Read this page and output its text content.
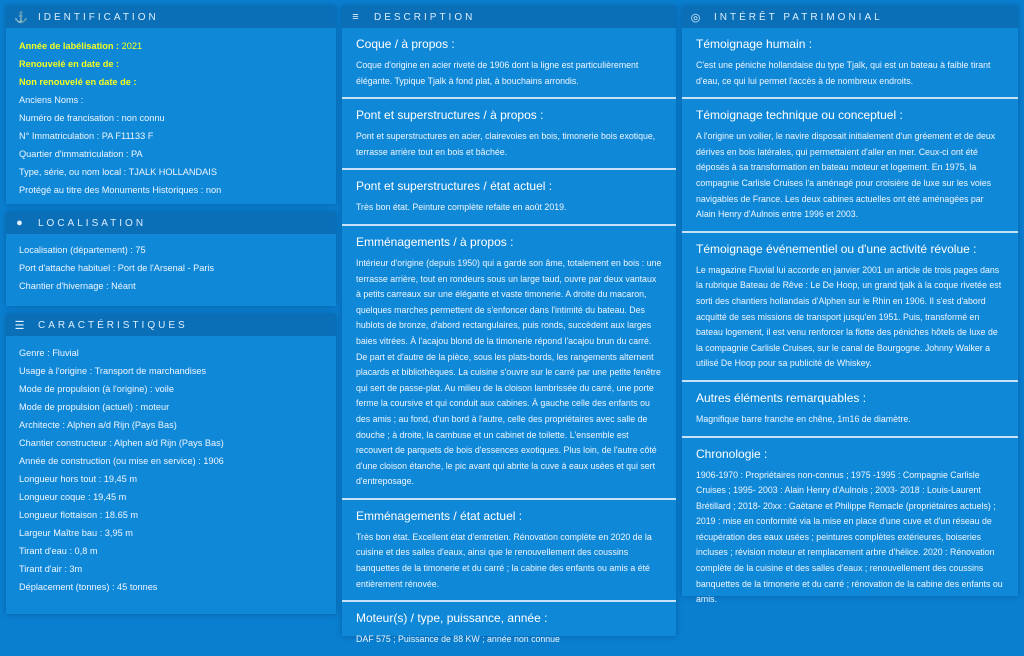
⚓ IDENTIFICATION
Année de labélisation : 2021
Renouvelé en date de :
Non renouvelé en date de :
Anciens Noms :
Numéro de francisation : non connu
N° Immatriculation : PA F11133 F
Quartier d'immatriculation : PA
Type, série, ou nom local : TJALK HOLLANDAIS
Protégé au titre des Monuments Historiques : non
● LOCALISATION
Localisation (département) : 75
Port d'attache habituel : Port de l'Arsenal - Paris
Chantier d'hivernage : Néant
☰ CARACTÉRISTIQUES
Genre : Fluvial
Usage à l'origine : Transport de marchandises
Mode de propulsion (à l'origine) : voile
Mode de propulsion (actuel) : moteur
Architecte : Alphen a/d Rijn (Pays Bas)
Chantier constructeur : Alphen a/d Rijn (Pays Bas)
Année de construction (ou mise en service) : 1906
Longueur hors tout : 19,45 m
Longueur coque : 19,45 m
Longueur flottaison : 18.65 m
Largeur Maître bau : 3,95 m
Tirant d'eau : 0,8 m
Tirant d'air : 3m
Déplacement (tonnes) : 45 tonnes
≡ DESCRIPTION
Coque / à propos :

Coque d'origine en acier riveté de 1906 dont la ligne est particulièrement élégante. Typique Tjalk à fond plat, à bouchains arrondis.

Pont et superstructures / à propos :

Pont et superstructures en acier, clairevoies en bois, timonerie bois exotique, terrasse arrière tout en bois et bâchée.

Pont et superstructures / état actuel :

Très bon état. Peinture complète refaite en août 2019.

Emménagements / à propos :

Intérieur d'origine (depuis 1950) qui a gardé son âme, totalement en bois : une terrasse arrière, tout en rondeurs sous un large taud, ouvre par deux vantaux à petits carreaux sur une élégante et vaste timonerie. A droite du macaron, quelques marches permettent de s'enfoncer dans l'intimité du bateau. Des hublots de bronze, d'abord rectangulaires, puis ronds, succèdent aux larges baies vitrées. À l'acajou blond de la timonerie répond l'acajou brun du carré. De part et d'autre de la pièce, sous les plats-bords, les rangements alternent placards et bibliothèques. La cuisine s'ouvre sur le carré par une petite fenêtre qui sert de passe-plat. Au milieu de la cloison lambrissée du carré, une porte ferme la coursive et qui conduit aux cabines. À gauche celle des enfants ou des amis ; au fond, d'un bord à l'autre, celle des propriétaires avec salle de douche ; à droite, la cambuse et un cabinet de toilette. L'ensemble est recouvert de parquets de bois d'essences exotiques. Plus loin, de l'autre côté d'une cloison étanche, le pic avant qui abrite la cuve à eaux usées et qui sert d'entreposage.

Emménagements / état actuel :

Très bon état. Excellent état d'entretien. Rénovation complète en 2020 de la cuisine et des salles d'eaux, ainsi que le renouvellement des coussins banquettes de la timonerie et du carré ; la cabine des enfants ou amis a été entièrement rénovée.

Moteur(s) / type, puissance, année :

DAF 575 ; Puissance de 88 KW ; année non connue

◎ INTÉRÊT PATRIMONIAL
Témoignage humain :

C'est une péniche hollandaise du type Tjalk, qui est un bateau à faible tirant d'eau, ce qui lui permet l'accès à de nombreux endroits.

Témoignage technique ou conceptuel :

A l'origine un voilier, le navire disposait initialement d'un gréement et de deux dérives en bois latérales, qui permettaient d'aller en mer. Ceux-ci ont été déposés à sa transformation en bateau moteur et logement. En 1975, la compagnie Carlisle Cruises l'a aménagé pour croisière de luxe sur les voies navigables de France. Les deux cabines actuelles ont été aménagées par Alain Henry d'Aulnois entre 1996 et 2003.

Témoignage événementiel ou d'une activité révolue :

Le magazine Fluvial lui accorde en janvier 2001 un article de trois pages dans la rubrique Bateau de Rêve : Le De Hoop, un grand tjalk à la coque rivetée est sorti des chantiers hollandais d'Alphen sur le Rhin en 1906. Il s'est d'abord acquitté de ses missions de transport jusqu'en 1951. Puis, transformé en bateau logement, il est venu renforcer la flotte des péniches hôtels de luxe de la compagnie Carlisle Cruises, sur le canal de Bourgogne. Johnny Walker a utilisé De Hoop pour sa publicité de Whiskey.

Autres éléments remarquables :

Magnifique barre franche en chêne, 1m16 de diamètre.

Chronologie :

1906-1970 : Propriétaires non-connus ; 1975 -1995 : Compagnie Carlisle Cruises ; 1995- 2003 : Alain Henry d'Aulnois ; 2003- 2018 : Louis-Laurent Brétillard ; 2018- 20xx : Gaëtane et Philippe Remacle (propriétaires actuels) ; 2019 : mise en conformité via la mise en place d'une cuve et d'un réseau de récupération des eaux usées ; peintures complètes extérieures, boiseries incluses ; révision moteur et remplacement arbre d'hélice. 2020 : Rénovation complète de la cuisine et des salles d'eaux ; renouvellement des coussins banquettes de la timonerie et du carré ; rénovation de la cabine des enfants ou amis.
